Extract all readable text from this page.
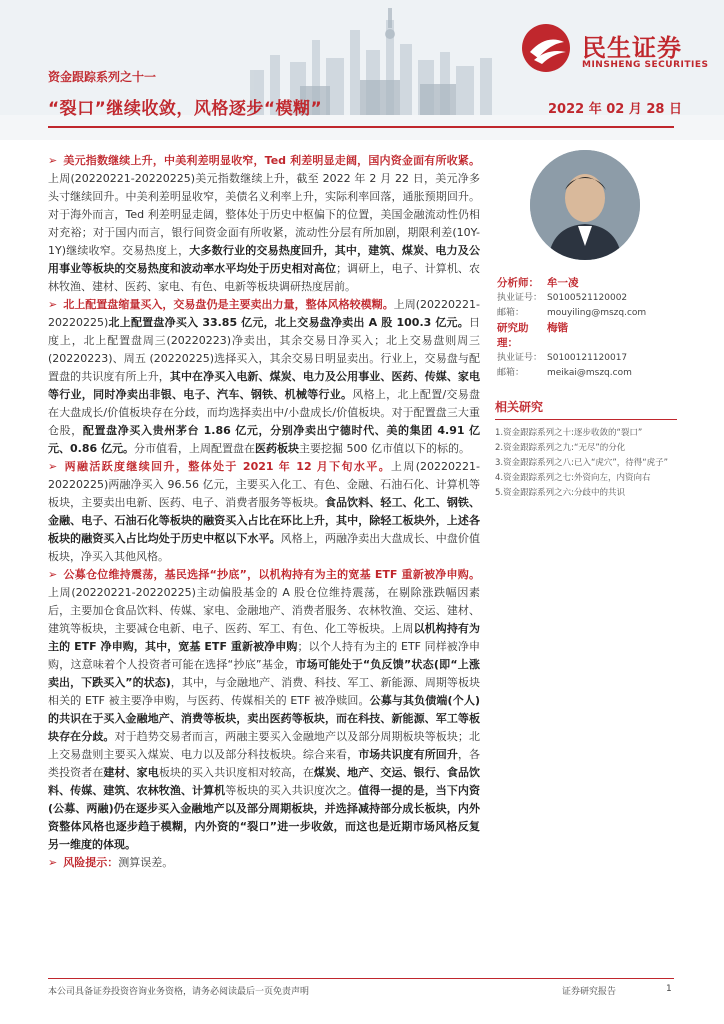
民生证券
MINSHENG SECURITIES
资金跟踪系列之十一
“裂口”继续收敛，风格逐步“模糊”	2022 年 02 月 28 日
➢ 美元指数继续上升，中美利差明显收窄，Ted 利差明显走阔，国内资金面有所收紧。上周(20220221-20220225)美元指数继续上升，截至 2022 年 2 月 22 日，美元净多头寸继续回升。中美利差明显收窄，美债名义利率上升，实际利率回落，通胀预期回升。对于海外而言，Ted 利差明显走阔，整体处于历史中枢偏下的位置，美国金融流动性仍相对充裕；对于国内而言，银行间资金面有所收紧，流动性分层有所加剧，期限利差(10Y-1Y)继续收窄。交易热度上，大多数行业的交易热度回升，其中，建筑、煤炭、电力及公用事业等板块的交易热度和波动率水平均处于历史相对高位；调研上，电子、计算机、农林牧渔、建材、医药、家电、有色、电新等板块调研热度居前。
➢ 北上配置盘缩量买入，交易盘仍是主要卖出力量，整体风格较模糊。上周(20220221-20220225)北上配置盘净买入 33.85 亿元，北上交易盘净卖出 A 股 100.3 亿元。日度上，北上配置盘周三(20220223)净卖出，其余交易日净买入；北上交易盘则周三(20220223)、周五 (20220225)选择买入，其余交易日明显卖出。行业上，交易盘与配置盘的共识度有所上升，其中在净买入电新、煤炭、电力及公用事业、医药、传媒、家电等行业，同时净卖出非银、电子、汽车、钢铁、机械等行业。风格上，北上配置/交易盘在大盘成长/价值板块存在分歧，而均选择卖出中/小盘成长/价值板块。对于配置盘三大重仓股，配置盘净买入贵州茅台 1.86 亿元，分别净卖出宁德时代、美的集团 4.91 亿元、0.86 亿元。分市值看，上周配置盘在医药板块主要挖掘 500 亿市值以下的标的。
➢ 两融活跃度继续回升，整体处于 2021 年 12 月下旬水平。上周(20220221-20220225)两融净买入 96.56 亿元，主要买入化工、有色、金融、石油石化、计算机等板块，主要卖出电新、医药、电子、消费者服务等板块。食品饮料、轻工、化工、钢铁、金融、电子、石油石化等板块的融资买入占比在环比上升，其中，除轻工板块外，上述各板块的融资买入占比均处于历史中枢以下水平。风格上，两融净卖出大盘成长、中盘价值板块，净买入其他风格。
➢ 公募仓位维持震荡，基民选择“抄底”，以机构持有为主的宽基 ETF 重新被净申购。上周(20220221-20220225)主动偏股基金的 A 股仓位维持震荡，在剔除涨跌幅因素后，主要加仓食品饮料、传媒、家电、金融地产、消费者服务、农林牧渔、交运、建材、建筑等板块，主要减仓电新、电子、医药、军工、有色、化工等板块。上周以机构持有为主的 ETF 净申购，其中，宽基 ETF 重新被净申购；以个人持有为主的 ETF 同样被净申购，这意味着个人投资者可能在选择“抄底”基金，市场可能处于“负反馈”状态(即“上涨卖出，下跌买入”的状态)，其中，与金融地产、消费、科技、军工、新能源、周期等板块相关的 ETF 被主要净申购，与医药、传媒相关的 ETF 被净赎回。公募与其负债端(个人)的共识在于买入金融地产、消费等板块，卖出医药等板块，而在科技、新能源、军工等板块存在分歧。对于趋势交易者而言，两融主要买入金融地产以及部分周期板块等板块；北上交易盘则主要买入煤炭、电力以及部分科技板块。综合来看，市场共识度有所回升，各类投资者在建材、家电板块的买入共识度相对较高，在煤炭、地产、交运、银行、食品饮料、传媒、建筑、农林牧渔、计算机等板块的买入共识度次之。值得一提的是，当下内资(公募、两融)仍在逐步买入金融地产以及部分周期板块，并选择减持部分成长板块，内外资整体风格也逐步趋于模糊，内外资的“裂口”进一步收敛，而这也是近期市场风格反复另一维度的体现。
➢ 风险提示：测算误差。
分析师： 牟一凌
执业证号： S0100521120002
邮箱：	mouyiling@mszq.com
研究助理：
梅锴
执业证号： S0100121120017
邮箱：	meikai@mszq.com
相关研究
1.资金跟踪系列之十:逐步收敛的“裂口”
2.资金跟踪系列之九:“无尽”的分化
3.资金跟踪系列之八:已入“虎穴”，待得“虎子”
4.资金跟踪系列之七:外资向左，内资向右
5.资金跟踪系列之六:分歧中的共识
本公司具备证券投资咨询业务资格，请务必阅读最后一页免责声明	证券研究报告	1
